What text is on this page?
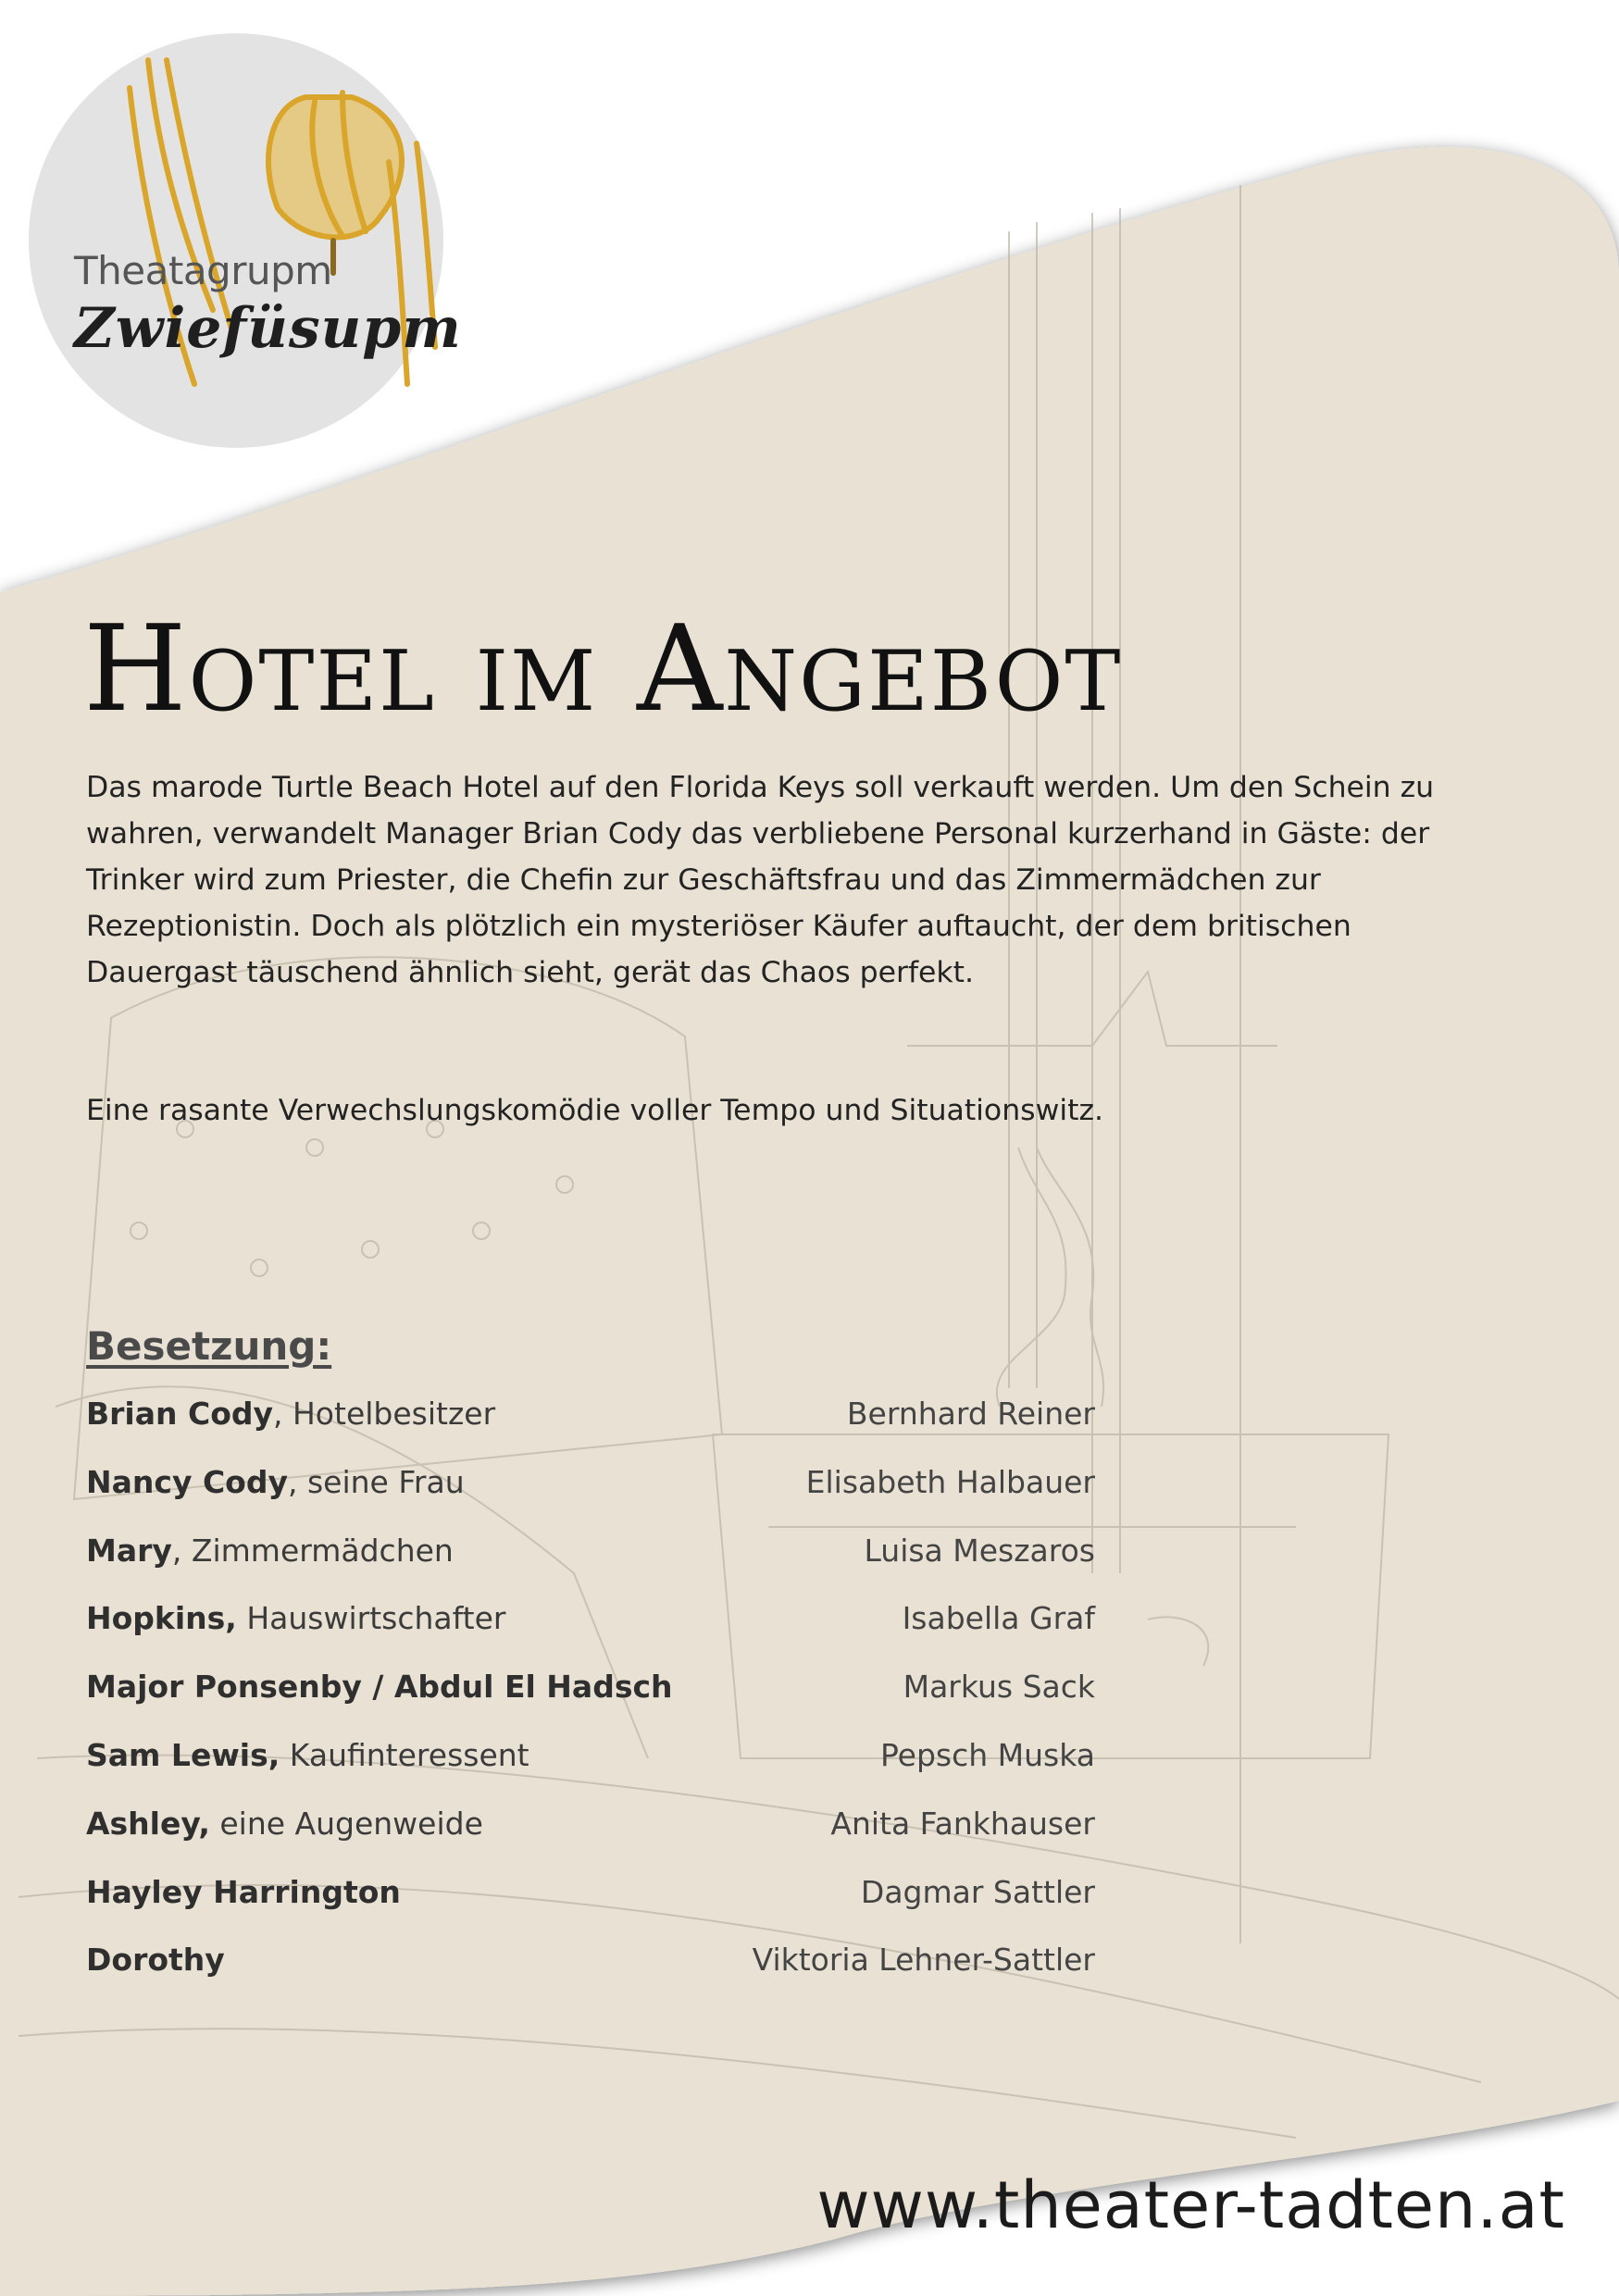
Theatagrupm
Zwiefüsupm
Hotel im Angebot

Das marode Turtle Beach Hotel auf den Florida Keys soll verkauft werden. Um den Schein zu wahren, verwandelt Manager Brian Cody das verbliebene Personal kurzerhand in Gäste: der Trinker wird zum Priester, die Chefin zur Geschäftsfrau und das Zimmermädchen zur Rezeptionistin. Doch als plötzlich ein mysteriöser Käufer auftaucht, der dem britischen Dauergast täuschend ähnlich sieht, gerät das Chaos perfekt.

Eine rasante Verwechslungskomödie voller Tempo und Situationswitz.

Besetzung:
Brian Cody, Hotelbesitzer	Bernhard Reiner
Nancy Cody, seine Frau	Elisabeth Halbauer
Mary, Zimmermädchen	Luisa Meszaros
Hopkins, Hauswirtschafter	Isabella Graf
Major Ponsenby / Abdul El Hadsch	Markus Sack
Sam Lewis, Kaufinteressent	Pepsch Muska
Ashley, eine Augenweide	Anita Fankhauser
Hayley Harrington	Dagmar Sattler
Dorothy	Viktoria Lehner-Sattler
www.theater-tadten.at
